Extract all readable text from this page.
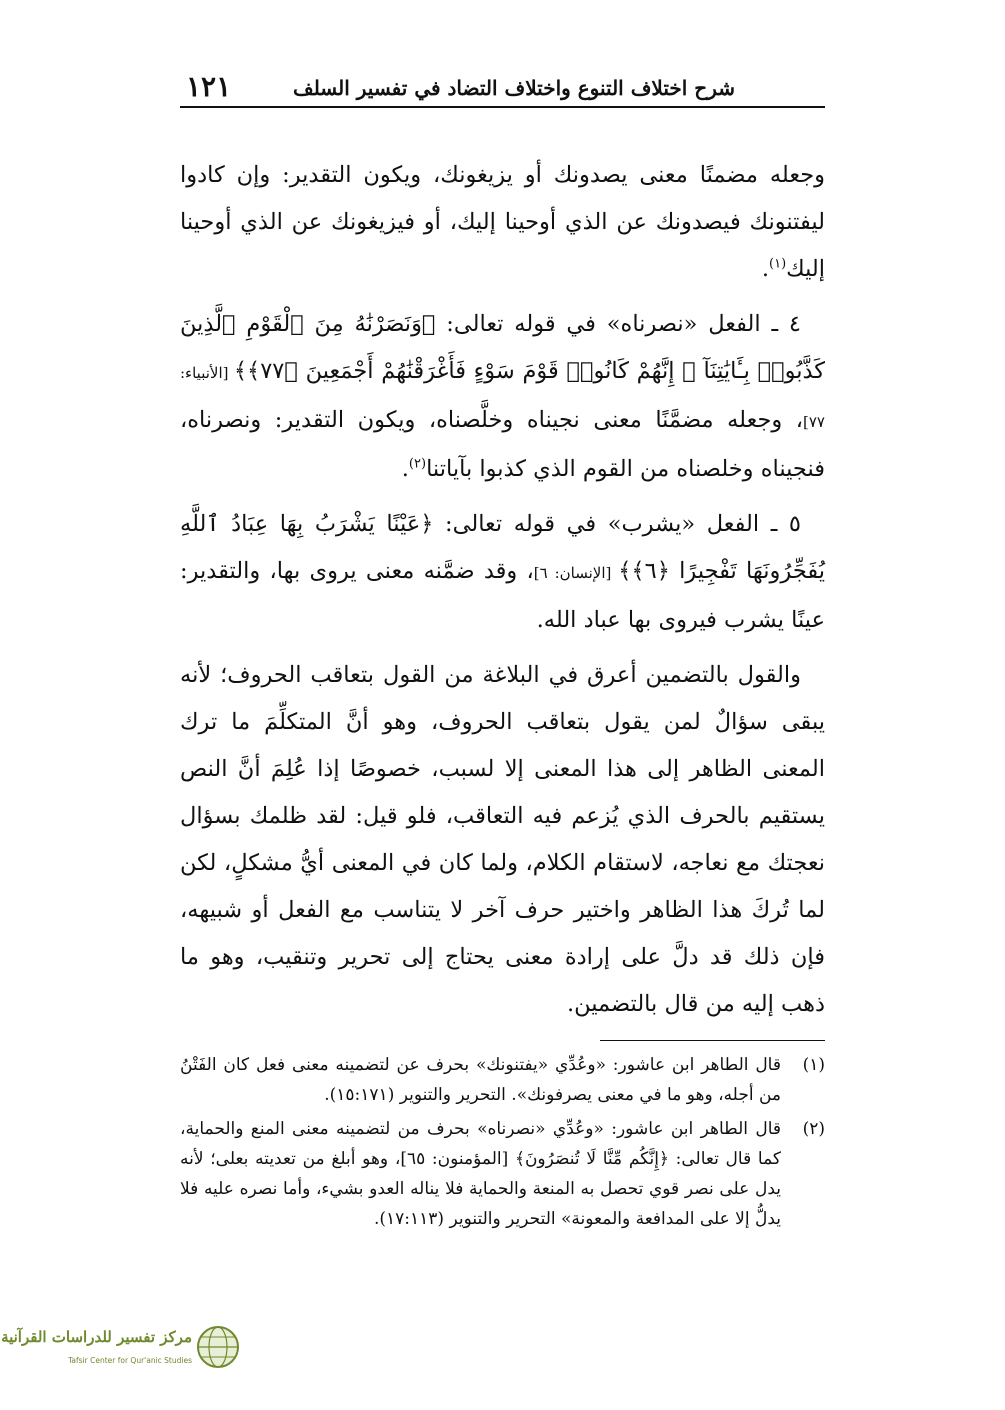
شرح اختلاف التنوع واختلاف التضاد في تفسير السلف
١٢١

وجعله مضمنًا معنى يصدونك أو يزيغونك، ويكون التقدير: وإن كادوا ليفتنونك فيصدونك عن الذي أوحينا إليك، أو فيزيغونك عن الذي أوحينا إليك$^{(١)}$.

٤ ـ الفعل «نصرناه» في قوله تعالى: ﴿وَنَصَرْنَٰهُ مِنَ ٱلْقَوْمِ ٱلَّذِينَ كَذَّبُوا۟ بِـَٔايَٰتِنَآ ۚ إِنَّهُمْ كَانُوا۟ قَوْمَ سَوْءٍ فَأَغْرَقْنَٰهُمْ أَجْمَعِينَ ﴿٧٧﴾﴾ [الأنبياء: ٧٧]، وجعله مضمَّنًا معنى نجيناه وخلَّصناه، ويكون التقدير: ونصرناه، فنجيناه وخلصناه من القوم الذي كذبوا بآياتنا$^{(٢)}$.

٥ ـ الفعل «يشرب» في قوله تعالى: ﴿عَيْنًا يَشْرَبُ بِهَا عِبَادُ ٱللَّهِ يُفَجِّرُونَهَا تَفْجِيرًا ﴿٦﴾﴾ [الإنسان: ٦]، وقد ضمَّنه معنى يروى بها، والتقدير: عينًا يشرب فيروى بها عباد الله.

والقول بالتضمين أعرق في البلاغة من القول بتعاقب الحروف؛ لأنه يبقى سؤالٌ لمن يقول بتعاقب الحروف، وهو أنَّ المتكلِّمَ ما ترك المعنى الظاهر إلى هذا المعنى إلا لسبب، خصوصًا إذا عُلِمَ أنَّ النص يستقيم بالحرف الذي يُزعم فيه التعاقب، فلو قيل: لقد ظلمك بسؤال نعجتك مع نعاجه، لاستقام الكلام، ولما كان في المعنى أيُّ مشكلٍ، لكن لما تُركَ هذا الظاهر واختير حرف آخر لا يتناسب مع الفعل أو شبيهه، فإن ذلك قد دلَّ على إرادة معنى يحتاج إلى تحرير وتنقيب، وهو ما ذهب إليه من قال بالتضمين.

(١)
قال الطاهر ابن عاشور: «وعُدِّي «يفتنونك» بحرف عن لتضمينه معنى فعل كان الفَتْنُ من أجله، وهو ما في معنى يصرفونك». التحرير والتنوير (١٥:١٧١).
(٢)
قال الطاهر ابن عاشور: «وعُدِّي «نصرناه» بحرف من لتضمينه معنى المنع والحماية، كما قال تعالى: ﴿إِنَّكُم مِّنَّا لَا تُنصَرُونَ﴾ [المؤمنون: ٦٥]، وهو أبلغ من تعديته بعلى؛ لأنه يدل على نصر قوي تحصل به المنعة والحماية فلا يناله العدو بشيء، وأما نصره عليه فلا يدلُّ إلا على المدافعة والمعونة» التحرير والتنوير (١٧:١١٣).
مركز تفسير للدراسات القرآنية
Tafsir Center for Qur'anic Studies
